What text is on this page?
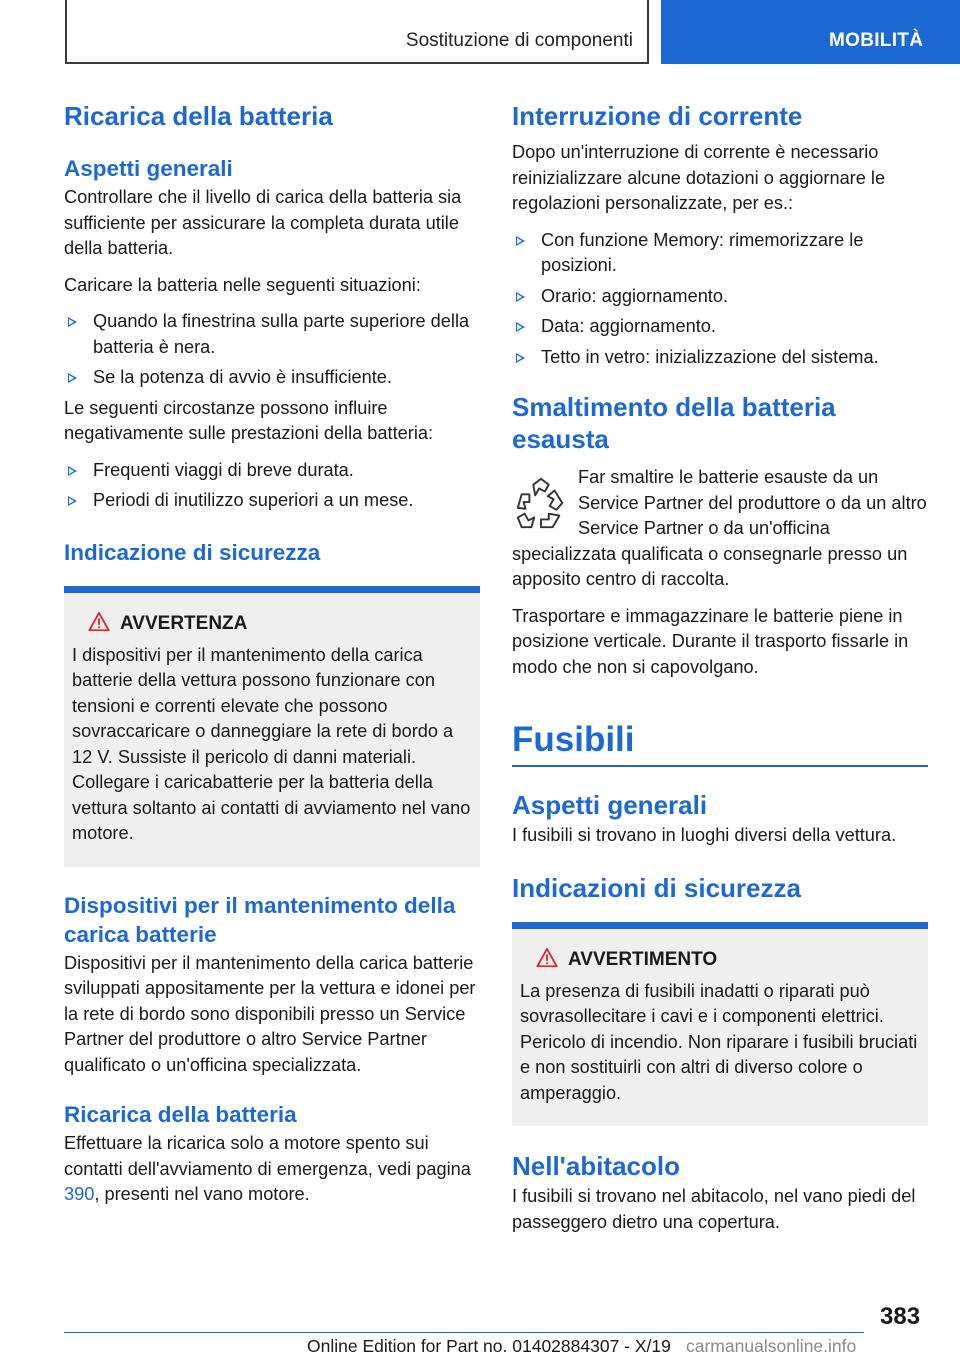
Sostituzione di componenti	MOBILITÀ
Ricarica della batteria
Aspetti generali
Controllare che il livello di carica della batteria sia sufficiente per assicurare la completa durata utile della batteria.
Caricare la batteria nelle seguenti situazioni:
Quando la finestrina sulla parte superiore della batteria è nera.
Se la potenza di avvio è insufficiente.
Le seguenti circostanze possono influire negativamente sulle prestazioni della batteria:
Frequenti viaggi di breve durata.
Periodi di inutilizzo superiori a un mese.
Indicazione di sicurezza
AVVERTENZA
I dispositivi per il mantenimento della carica batterie della vettura possono funzionare con tensioni e correnti elevate che possono sovraccaricare o danneggiare la rete di bordo a 12 V. Sussiste il pericolo di danni materiali. Collegare i caricabatterie per la batteria della vettura soltanto ai contatti di avviamento nel vano motore.
Dispositivi per il mantenimento della carica batterie
Dispositivi per il mantenimento della carica batterie sviluppati appositamente per la vettura e idonei per la rete di bordo sono disponibili presso un Service Partner del produttore o altro Service Partner qualificato o un'officina specializzata.
Ricarica della batteria
Effettuare la ricarica solo a motore spento sui contatti dell'avviamento di emergenza, vedi pagina 390, presenti nel vano motore.
Interruzione di corrente
Dopo un'interruzione di corrente è necessario reinizializzare alcune dotazioni o aggiornare le regolazioni personalizzate, per es.:
Con funzione Memory: rimemorizzare le posizioni.
Orario: aggiornamento.
Data: aggiornamento.
Tetto in vetro: inizializzazione del sistema.
Smaltimento della batteria esausta
Far smaltire le batterie esauste da un Service Partner del produttore o da un altro Service Partner o da un'officina specializzata qualificata o consegnarle presso un apposito centro di raccolta.
Trasportare e immagazzinare le batterie piene in posizione verticale. Durante il trasporto fissarle in modo che non si capovolgano.
Fusibili
Aspetti generali
I fusibili si trovano in luoghi diversi della vettura.
Indicazioni di sicurezza
AVVERTIMENTO
La presenza di fusibili inadatti o riparati può sovrasollecitare i cavi e i componenti elettrici. Pericolo di incendio. Non riparare i fusibili bruciati e non sostituirli con altri di diverso colore o amperaggio.
Nell'abitacolo
I fusibili si trovano nel abitacolo, nel vano piedi del passeggero dietro una copertura.
383
Online Edition for Part no. 01402884307 - X/19 carmanualsonline.info
